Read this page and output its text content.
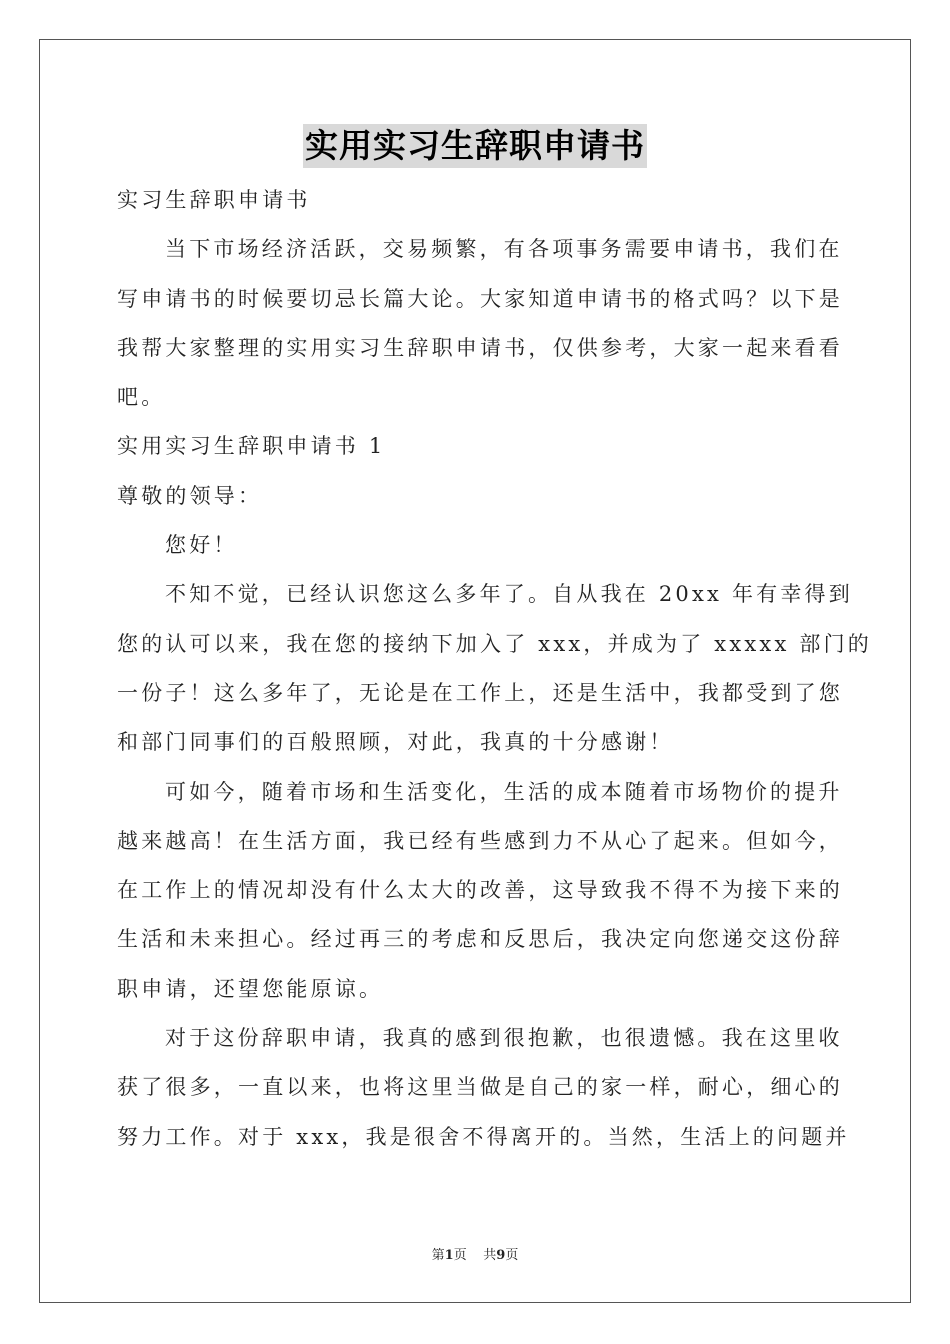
实用实习生辞职申请书

实习生辞职申请书

当下市场经济活跃，交易频繁，有各项事务需要申请书，我们在

写申请书的时候要切忌长篇大论。大家知道申请书的格式吗？以下是

我帮大家整理的实用实习生辞职申请书，仅供参考，大家一起来看看

吧。

实用实习生辞职申请书 1

尊敬的领导：

您好！

不知不觉，已经认识您这么多年了。自从我在 20xx 年有幸得到

您的认可以来，我在您的接纳下加入了 xxx，并成为了 xxxxx 部门的

一份子！这么多年了，无论是在工作上，还是生活中，我都受到了您

和部门同事们的百般照顾，对此，我真的十分感谢！

可如今，随着市场和生活变化，生活的成本随着市场物价的提升

越来越高！在生活方面，我已经有些感到力不从心了起来。但如今，

在工作上的情况却没有什么太大的改善，这导致我不得不为接下来的

生活和未来担心。经过再三的考虑和反思后，我决定向您递交这份辞

职申请，还望您能原谅。

对于这份辞职申请，我真的感到很抱歉，也很遗憾。我在这里收

获了很多，一直以来，也将这里当做是自己的家一样，耐心，细心的

努力工作。对于 xxx，我是很舍不得离开的。当然，生活上的问题并

第1页 共9页
